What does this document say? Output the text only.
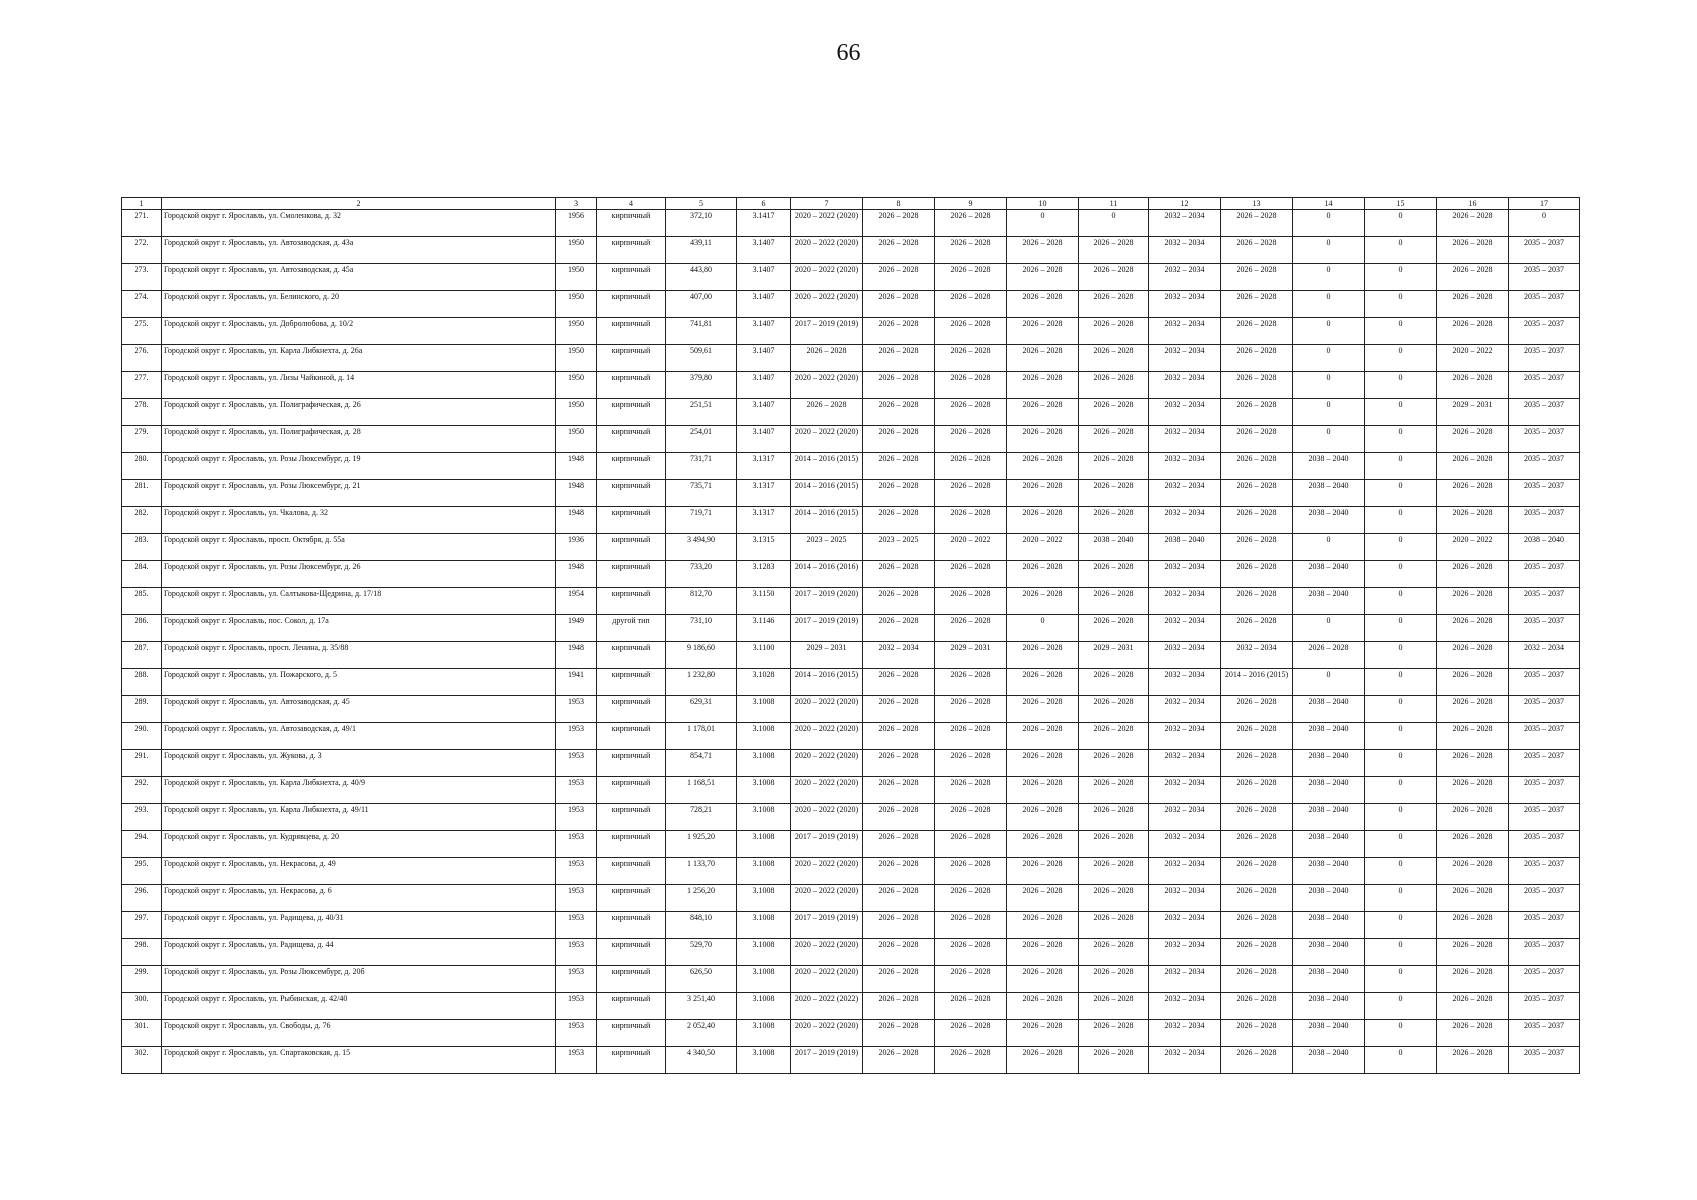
66
1	2	3	4	5	6	7	8	9	10	11	12	13	14	15	16	17
271.	Городской округ г. Ярославль, ул. Смоленкова, д. 32	1956	кирпичный	372,10	3.1417	2020 – 2022 (2020)	2026 – 2028	2026 – 2028	0	0	2032 – 2034	2026 – 2028	0	0	2026 – 2028	0
272.	Городской округ г. Ярославль, ул. Автозаводская, д. 43а	1950	кирпичный	439,11	3.1407	2020 – 2022 (2020)	2026 – 2028	2026 – 2028	2026 – 2028	2026 – 2028	2032 – 2034	2026 – 2028	0	0	2026 – 2028	2035 – 2037
273.	Городской округ г. Ярославль, ул. Автозаводская, д. 45а	1950	кирпичный	443,80	3.1407	2020 – 2022 (2020)	2026 – 2028	2026 – 2028	2026 – 2028	2026 – 2028	2032 – 2034	2026 – 2028	0	0	2026 – 2028	2035 – 2037
274.	Городской округ г. Ярославль, ул. Белинского, д. 20	1950	кирпичный	407,00	3.1407	2020 – 2022 (2020)	2026 – 2028	2026 – 2028	2026 – 2028	2026 – 2028	2032 – 2034	2026 – 2028	0	0	2026 – 2028	2035 – 2037
275.	Городской округ г. Ярославль, ул. Добролюбова, д. 10/2	1950	кирпичный	741,81	3.1407	2017 – 2019 (2019)	2026 – 2028	2026 – 2028	2026 – 2028	2026 – 2028	2032 – 2034	2026 – 2028	0	0	2026 – 2028	2035 – 2037
276.	Городской округ г. Ярославль, ул. Карла Либкнехта, д. 26а	1950	кирпичный	509,61	3.1407	2026 – 2028	2026 – 2028	2026 – 2028	2026 – 2028	2026 – 2028	2032 – 2034	2026 – 2028	0	0	2020 – 2022	2035 – 2037
277.	Городской округ г. Ярославль, ул. Лизы Чайкиной, д. 14	1950	кирпичный	379,80	3.1407	2020 – 2022 (2020)	2026 – 2028	2026 – 2028	2026 – 2028	2026 – 2028	2032 – 2034	2026 – 2028	0	0	2026 – 2028	2035 – 2037
278.	Городской округ г. Ярославль, ул. Полиграфическая, д. 26	1950	кирпичный	251,51	3.1407	2026 – 2028	2026 – 2028	2026 – 2028	2026 – 2028	2026 – 2028	2032 – 2034	2026 – 2028	0	0	2029 – 2031	2035 – 2037
279.	Городской округ г. Ярославль, ул. Полиграфическая, д. 28	1950	кирпичный	254,01	3.1407	2020 – 2022 (2020)	2026 – 2028	2026 – 2028	2026 – 2028	2026 – 2028	2032 – 2034	2026 – 2028	0	0	2026 – 2028	2035 – 2037
280.	Городской округ г. Ярославль, ул. Розы Люксембург, д. 19	1948	кирпичный	731,71	3.1317	2014 – 2016 (2015)	2026 – 2028	2026 – 2028	2026 – 2028	2026 – 2028	2032 – 2034	2026 – 2028	2038 – 2040	0	2026 – 2028	2035 – 2037
281.	Городской округ г. Ярославль, ул. Розы Люксембург, д. 21	1948	кирпичный	735,71	3.1317	2014 – 2016 (2015)	2026 – 2028	2026 – 2028	2026 – 2028	2026 – 2028	2032 – 2034	2026 – 2028	2038 – 2040	0	2026 – 2028	2035 – 2037
282.	Городской округ г. Ярославль, ул. Чкалова, д. 32	1948	кирпичный	719,71	3.1317	2014 – 2016 (2015)	2026 – 2028	2026 – 2028	2026 – 2028	2026 – 2028	2032 – 2034	2026 – 2028	2038 – 2040	0	2026 – 2028	2035 – 2037
283.	Городской округ г. Ярославль, просп. Октября, д. 55а	1936	кирпичный	3 494,90	3.1315	2023 – 2025	2023 – 2025	2020 – 2022	2020 – 2022	2038 – 2040	2038 – 2040	2026 – 2028	0	0	2020 – 2022	2038 – 2040
284.	Городской округ г. Ярославль, ул. Розы Люксембург, д. 26	1948	кирпичный	733,20	3.1283	2014 – 2016 (2016)	2026 – 2028	2026 – 2028	2026 – 2028	2026 – 2028	2032 – 2034	2026 – 2028	2038 – 2040	0	2026 – 2028	2035 – 2037
285.	Городской округ г. Ярославль, ул. Салтыкова-Щедрина, д. 17/18	1954	кирпичный	812,70	3.1150	2017 – 2019 (2020)	2026 – 2028	2026 – 2028	2026 – 2028	2026 – 2028	2032 – 2034	2026 – 2028	2038 – 2040	0	2026 – 2028	2035 – 2037
286.	Городской округ г. Ярославль, пос. Сокол, д. 17а	1949	другой тип	731,10	3.1146	2017 – 2019 (2019)	2026 – 2028	2026 – 2028	0	2026 – 2028	2032 – 2034	2026 – 2028	0	0	2026 – 2028	2035 – 2037
287.	Городской округ г. Ярославль, просп. Ленина, д. 35/88	1948	кирпичный	9 186,60	3.1100	2029 – 2031	2032 – 2034	2029 – 2031	2026 – 2028	2029 – 2031	2032 – 2034	2032 – 2034	2026 – 2028	0	2026 – 2028	2032 – 2034
288.	Городской округ г. Ярославль, ул. Пожарского, д. 5	1941	кирпичный	1 232,80	3.1028	2014 – 2016 (2015)	2026 – 2028	2026 – 2028	2026 – 2028	2026 – 2028	2032 – 2034	2014 – 2016 (2015)	0	0	2026 – 2028	2035 – 2037
289.	Городской округ г. Ярославль, ул. Автозаводская, д. 45	1953	кирпичный	629,31	3.1008	2020 – 2022 (2020)	2026 – 2028	2026 – 2028	2026 – 2028	2026 – 2028	2032 – 2034	2026 – 2028	2038 – 2040	0	2026 – 2028	2035 – 2037
290.	Городской округ г. Ярославль, ул. Автозаводская, д. 49/1	1953	кирпичный	1 178,01	3.1008	2020 – 2022 (2020)	2026 – 2028	2026 – 2028	2026 – 2028	2026 – 2028	2032 – 2034	2026 – 2028	2038 – 2040	0	2026 – 2028	2035 – 2037
291.	Городской округ г. Ярославль, ул. Жукова, д. 3	1953	кирпичный	854,71	3.1008	2020 – 2022 (2020)	2026 – 2028	2026 – 2028	2026 – 2028	2026 – 2028	2032 – 2034	2026 – 2028	2038 – 2040	0	2026 – 2028	2035 – 2037
292.	Городской округ г. Ярославль, ул. Карла Либкнехта, д. 40/9	1953	кирпичный	1 168,51	3.1008	2020 – 2022 (2020)	2026 – 2028	2026 – 2028	2026 – 2028	2026 – 2028	2032 – 2034	2026 – 2028	2038 – 2040	0	2026 – 2028	2035 – 2037
293.	Городской округ г. Ярославль, ул. Карла Либкнехта, д. 49/11	1953	кирпичный	728,21	3.1008	2020 – 2022 (2020)	2026 – 2028	2026 – 2028	2026 – 2028	2026 – 2028	2032 – 2034	2026 – 2028	2038 – 2040	0	2026 – 2028	2035 – 2037
294.	Городской округ г. Ярославль, ул. Кудрявцева, д. 20	1953	кирпичный	1 925,20	3.1008	2017 – 2019 (2019)	2026 – 2028	2026 – 2028	2026 – 2028	2026 – 2028	2032 – 2034	2026 – 2028	2038 – 2040	0	2026 – 2028	2035 – 2037
295.	Городской округ г. Ярославль, ул. Некрасова, д. 49	1953	кирпичный	1 133,70	3.1008	2020 – 2022 (2020)	2026 – 2028	2026 – 2028	2026 – 2028	2026 – 2028	2032 – 2034	2026 – 2028	2038 – 2040	0	2026 – 2028	2035 – 2037
296.	Городской округ г. Ярославль, ул. Некрасова, д. 6	1953	кирпичный	1 256,20	3.1008	2020 – 2022 (2020)	2026 – 2028	2026 – 2028	2026 – 2028	2026 – 2028	2032 – 2034	2026 – 2028	2038 – 2040	0	2026 – 2028	2035 – 2037
297.	Городской округ г. Ярославль, ул. Радищева, д. 40/31	1953	кирпичный	848,10	3.1008	2017 – 2019 (2019)	2026 – 2028	2026 – 2028	2026 – 2028	2026 – 2028	2032 – 2034	2026 – 2028	2038 – 2040	0	2026 – 2028	2035 – 2037
298.	Городской округ г. Ярославль, ул. Радищева, д. 44	1953	кирпичный	529,70	3.1008	2020 – 2022 (2020)	2026 – 2028	2026 – 2028	2026 – 2028	2026 – 2028	2032 – 2034	2026 – 2028	2038 – 2040	0	2026 – 2028	2035 – 2037
299.	Городской округ г. Ярославль, ул. Розы Люксембург, д. 20б	1953	кирпичный	626,50	3.1008	2020 – 2022 (2020)	2026 – 2028	2026 – 2028	2026 – 2028	2026 – 2028	2032 – 2034	2026 – 2028	2038 – 2040	0	2026 – 2028	2035 – 2037
300.	Городской округ г. Ярославль, ул. Рыбинская, д. 42/40	1953	кирпичный	3 251,40	3.1008	2020 – 2022 (2022)	2026 – 2028	2026 – 2028	2026 – 2028	2026 – 2028	2032 – 2034	2026 – 2028	2038 – 2040	0	2026 – 2028	2035 – 2037
301.	Городской округ г. Ярославль, ул. Свободы, д. 76	1953	кирпичный	2 052,40	3.1008	2020 – 2022 (2020)	2026 – 2028	2026 – 2028	2026 – 2028	2026 – 2028	2032 – 2034	2026 – 2028	2038 – 2040	0	2026 – 2028	2035 – 2037
302.	Городской округ г. Ярославль, ул. Спартаковская, д. 15	1953	кирпичный	4 340,50	3.1008	2017 – 2019 (2019)	2026 – 2028	2026 – 2028	2026 – 2028	2026 – 2028	2032 – 2034	2026 – 2028	2038 – 2040	0	2026 – 2028	2035 – 2037
